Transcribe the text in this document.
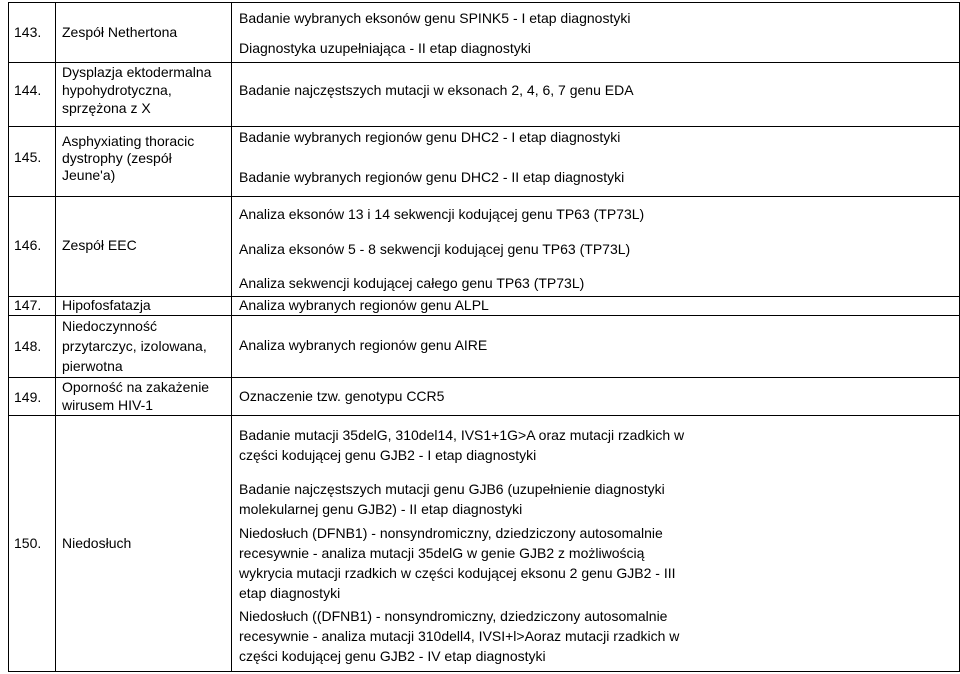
143. Zespół Nethertona
Badanie wybranych eksonów genu SPINK5 - I etap diagnostyki
Diagnostyka uzupełniająca - II etap diagnostyki
144.
Dysplazja ektodermalna
hypohydrotyczna,
sprzężona z X
Badanie najczęstszych mutacji w eksonach 2, 4, 6, 7 genu EDA
145.
Asphyxiating thoracic
dystrophy (zespół
Jeune'a)
Badanie wybranych regionów genu DHC2 - I etap diagnostyki
Badanie wybranych regionów genu DHC2 - II etap diagnostyki
146. Zespół EEC
Analiza eksonów 13 i 14 sekwencji kodującej genu TP63 (TP73L)
Analiza eksonów 5 - 8 sekwencji kodującej genu TP63 (TP73L)
Analiza sekwencji kodującej całego genu TP63 (TP73L)
147. Hipofosfatazja	Analiza wybranych regionów genu ALPL
148.
Niedoczynność
przytarczyc, izolowana,
pierwotna
Analiza wybranych regionów genu AIRE
149.
Oporność na zakażenie
wirusem HIV-1
Oznaczenie tzw. genotypu CCR5
150. Niedosłuch
Badanie mutacji 35delG, 310del14, IVS1+1G>A oraz mutacji rzadkich w
części kodującej genu GJB2 - I etap diagnostyki
Badanie najczęstszych mutacji genu GJB6 (uzupełnienie diagnostyki
molekularnej genu GJB2) - II etap diagnostyki
Niedosłuch (DFNB1) - nonsyndromiczny, dziedziczony autosomalnie
recesywnie - analiza mutacji 35delG w genie GJB2 z możliwością
wykrycia mutacji rzadkich w części kodującej eksonu 2 genu GJB2 - III
etap diagnostyki
Niedosłuch ((DFNB1) - nonsyndromiczny, dziedziczony autosomalnie
recesywnie - analiza mutacji 310dell4, IVSI+l>Aoraz mutacji rzadkich w
części kodującej genu GJB2 - IV etap diagnostyki
